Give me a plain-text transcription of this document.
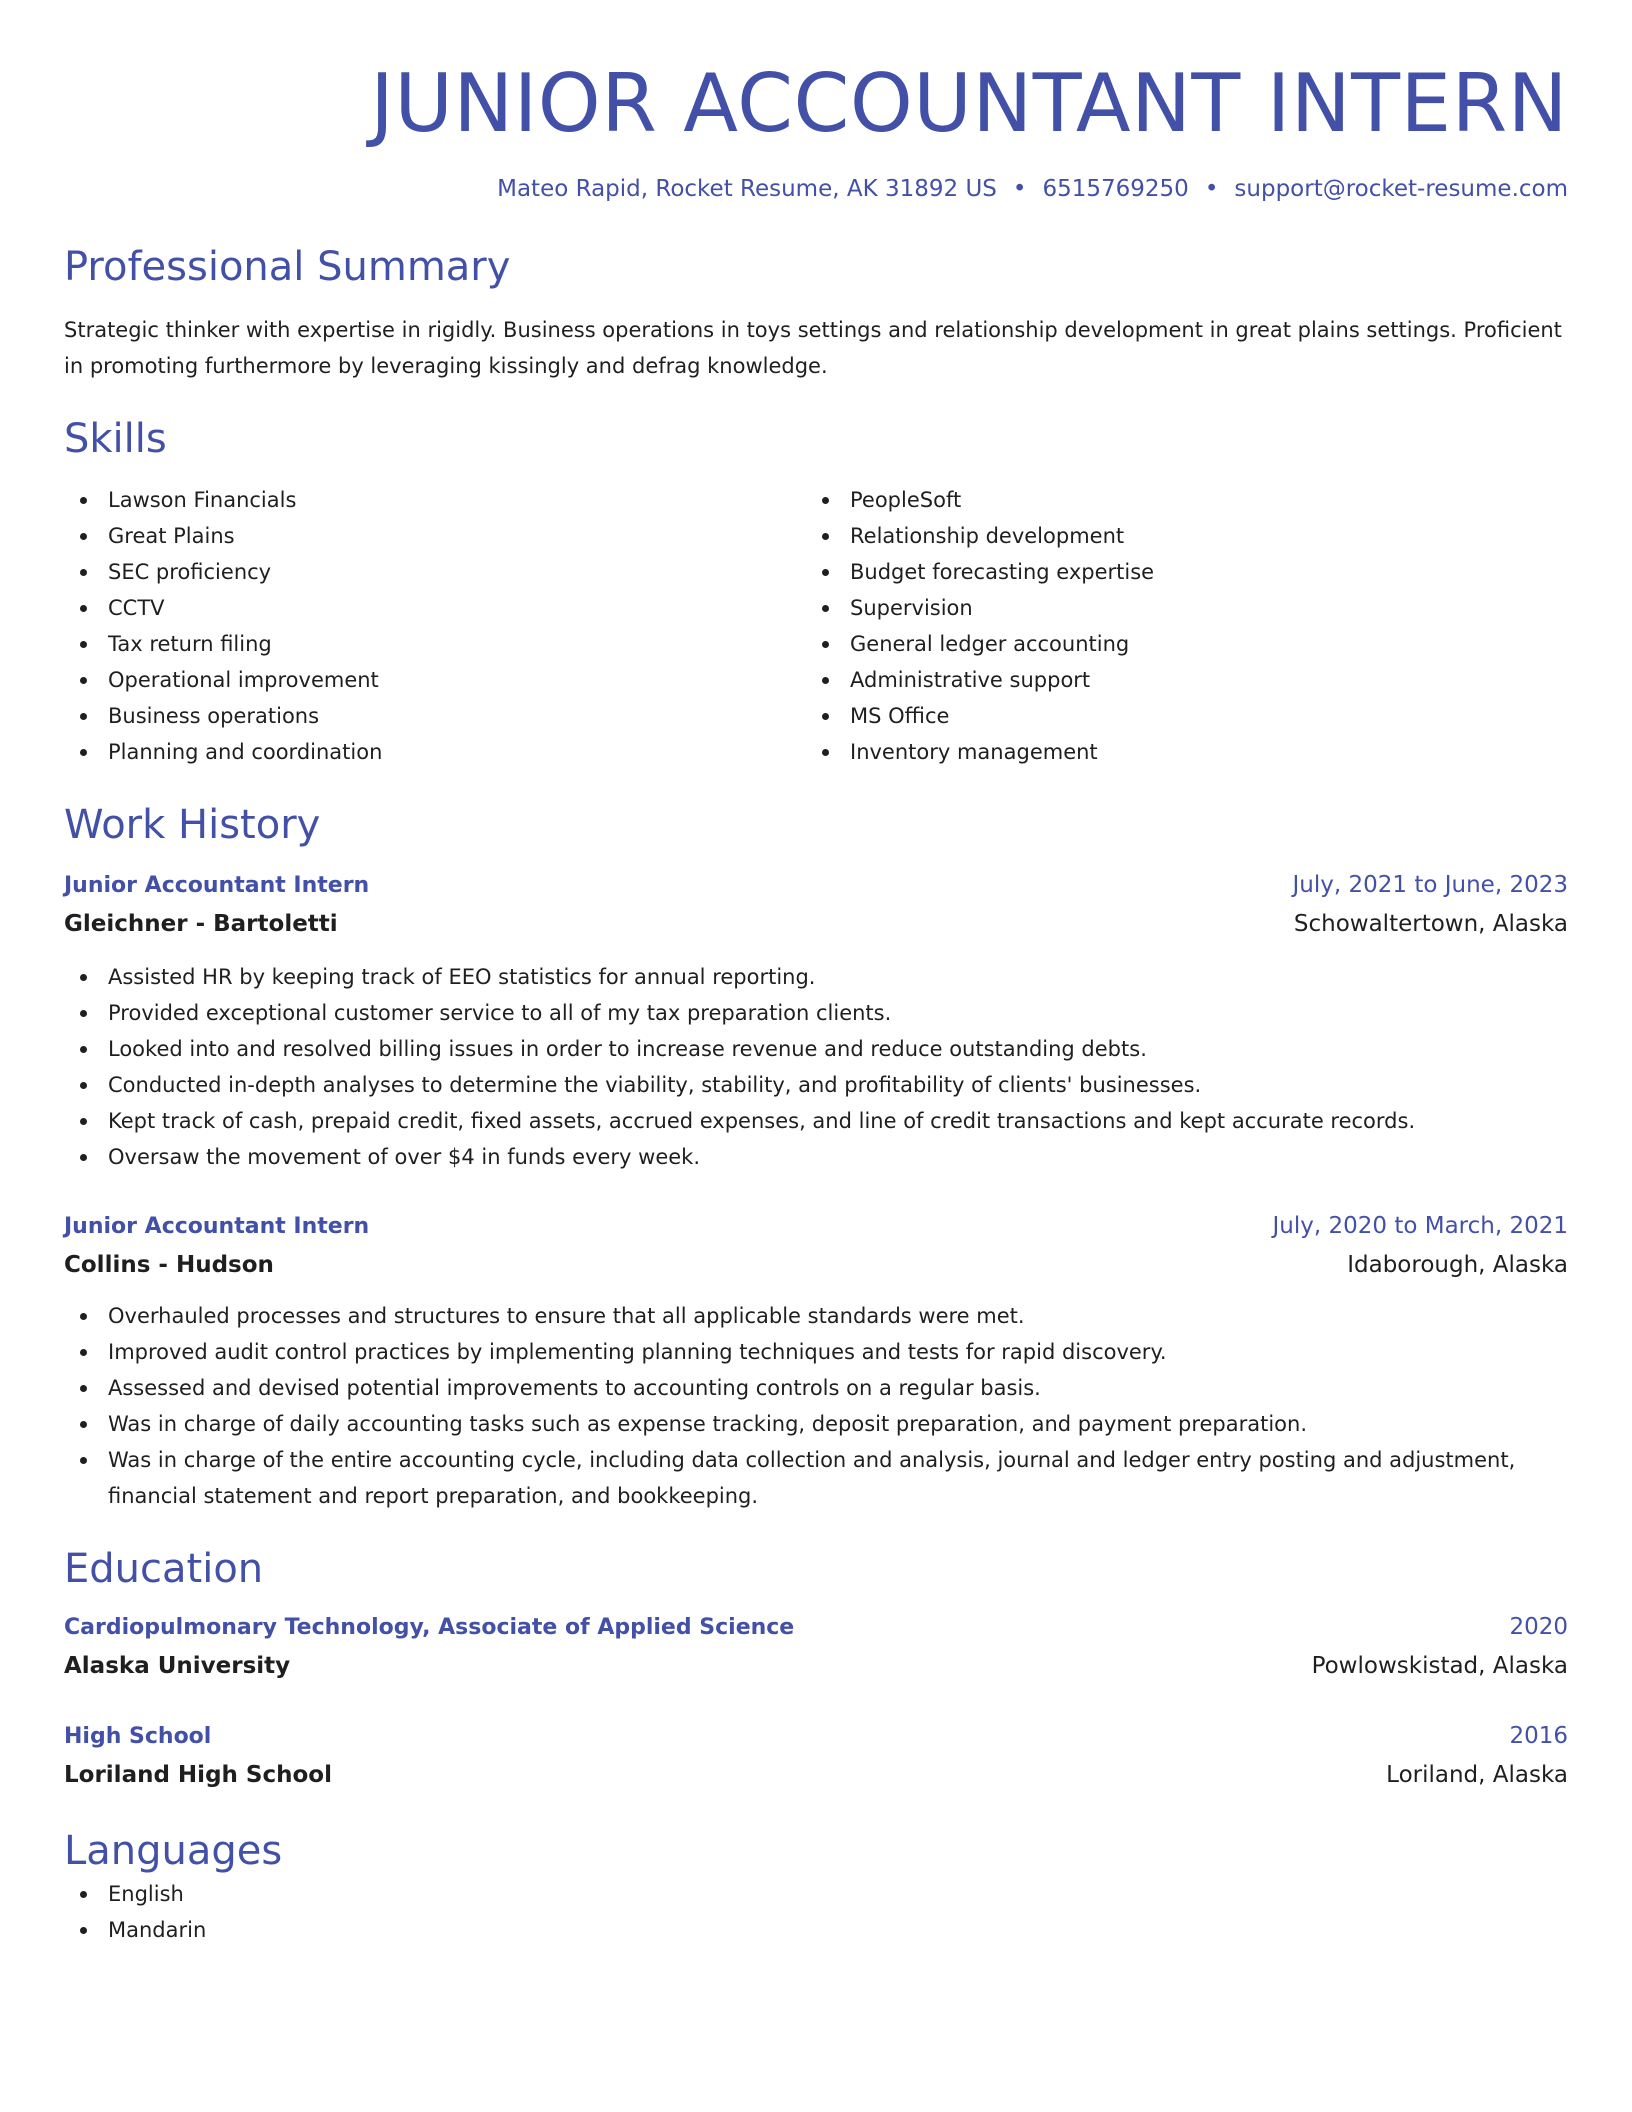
JUNIOR ACCOUNTANT INTERN
Mateo Rapid, Rocket Resume, AK 31892 US • 6515769250 • support@rocket-resume.com
Professional Summary
Strategic thinker with expertise in rigidly. Business operations in toys settings and relationship development in great plains settings. Proficient in promoting furthermore by leveraging kissingly and defrag knowledge.
Skills
Lawson Financials
Great Plains
SEC proficiency
CCTV
Tax return filing
Operational improvement
Business operations
Planning and coordination
PeopleSoft
Relationship development
Budget forecasting expertise
Supervision
General ledger accounting
Administrative support
MS Office
Inventory management
Work History
Junior Accountant Intern	July, 2021 to June, 2023
Gleichner - Bartoletti	Schowaltertown, Alaska
Assisted HR by keeping track of EEO statistics for annual reporting.
Provided exceptional customer service to all of my tax preparation clients.
Looked into and resolved billing issues in order to increase revenue and reduce outstanding debts.
Conducted in-depth analyses to determine the viability, stability, and profitability of clients' businesses.
Kept track of cash, prepaid credit, fixed assets, accrued expenses, and line of credit transactions and kept accurate records.
Oversaw the movement of over $4 in funds every week.
Junior Accountant Intern	July, 2020 to March, 2021
Collins - Hudson	Idaborough, Alaska
Overhauled processes and structures to ensure that all applicable standards were met.
Improved audit control practices by implementing planning techniques and tests for rapid discovery.
Assessed and devised potential improvements to accounting controls on a regular basis.
Was in charge of daily accounting tasks such as expense tracking, deposit preparation, and payment preparation.
Was in charge of the entire accounting cycle, including data collection and analysis, journal and ledger entry posting and adjustment, financial statement and report preparation, and bookkeeping.
Education
Cardiopulmonary Technology, Associate of Applied Science	2020
Alaska University	Powlowskistad, Alaska
High School	2016
Loriland High School	Loriland, Alaska
Languages
English
Mandarin
